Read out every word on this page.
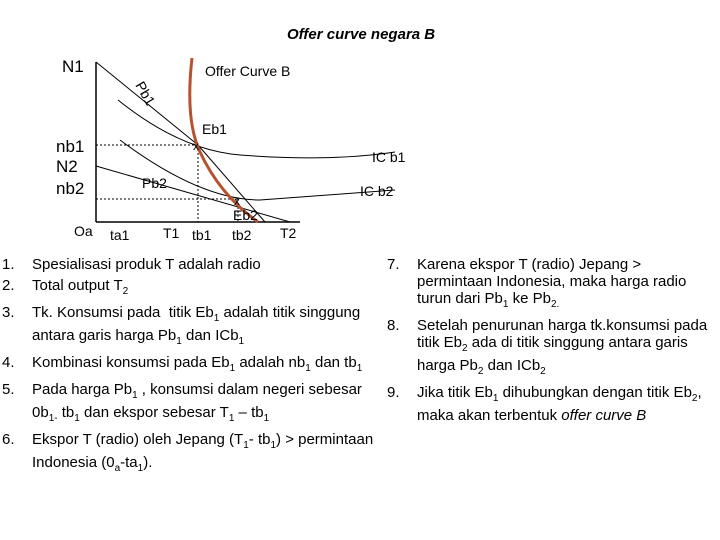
Offer curve negara B
x
x
Offer Curve B
N1
nb1
N2
nb2
Oa ta1 T1 tb1 tb2 T2
Pb1
Pb2
Eb1
Eb2
IC b1
IC b2
1. Spesialisasi produk T adalah radio
2. Total output $T_2$
3. Tk. Konsumsi pada  titik $Eb_1$ adalah titik singgung antara garis harga $Pb_1$ dan ICb$_1$
4. Kombinasi konsumsi pada $Eb_1$ adalah $nb_1$ dan $tb_1$
5. Pada harga $Pb_1$ , konsumsi dalam negeri sebesar $0b_{1-}$ $tb_1$ dan ekspor sebesar $T_1 - tb_1$
6. Ekspor T (radio) oleh Jepang ($T_1-$ $tb_1$) > permintaan Indonesia $(0_a-ta_1)$.
7. Karena ekspor T (radio) Jepang > permintaan Indonesia, maka harga radio turun dari $Pb_1$ ke $Pb_{2.}$
8. Setelah penurunan harga tk.konsumsi pada titik $Eb_2$ ada di titik singgung antara garis harga $Pb_2$ dan ICb$_2$
9. Jika titik $Eb_1$ dihubungkan dengan titik $Eb_2$, maka akan terbentuk offer curve B
